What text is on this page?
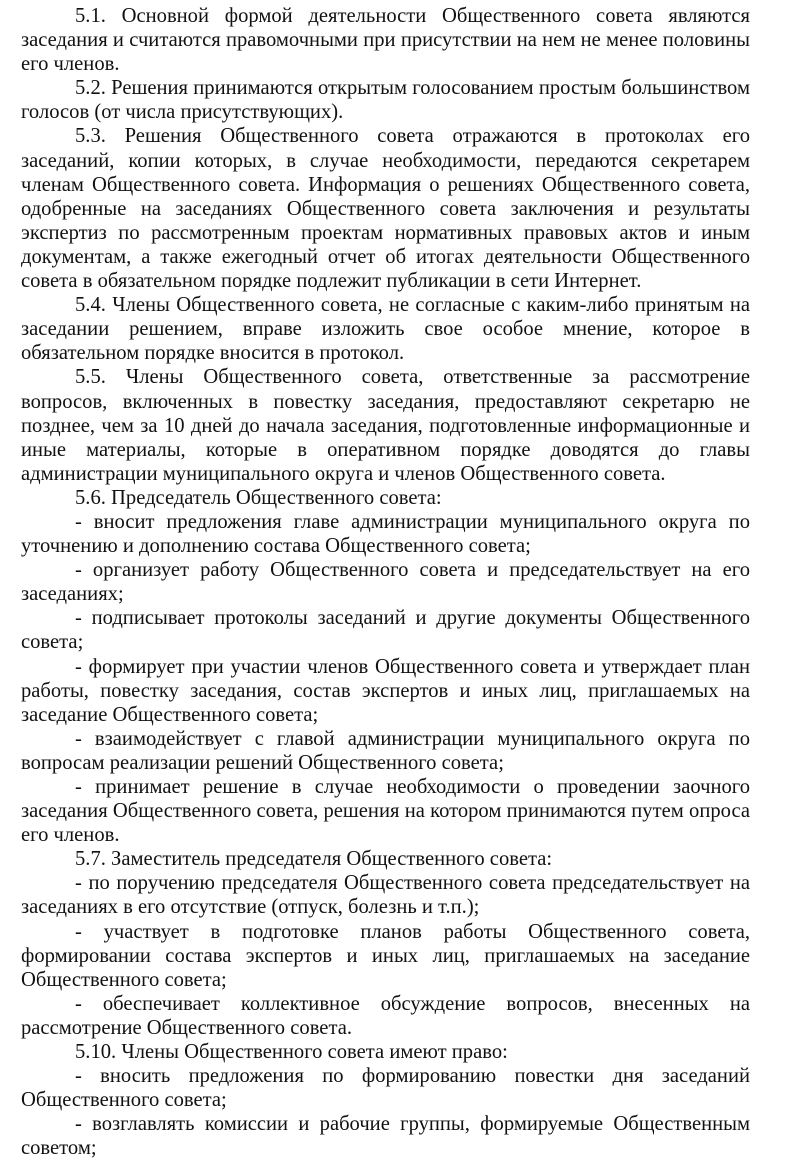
5.1. Основной формой деятельности Общественного совета являются заседания и считаются правомочными при присутствии на нем не менее половины его членов.

5.2. Решения принимаются открытым голосованием простым большинством голосов (от числа присутствующих).

5.3. Решения Общественного совета отражаются в протоколах его заседаний, копии которых, в случае необходимости, передаются секретарем членам Общественного совета. Информация о решениях Общественного совета, одобренные на заседаниях Общественного совета заключения и результаты экспертиз по рассмотренным проектам нормативных правовых актов и иным документам, а также ежегодный отчет об итогах деятельности Общественного совета в обязательном порядке подлежит публикации в сети Интернет.

5.4. Члены Общественного совета, не согласные с каким-либо принятым на заседании решением, вправе изложить свое особое мнение, которое в обязательном порядке вносится в протокол.

5.5. Члены Общественного совета, ответственные за рассмотрение вопросов, включенных в повестку заседания, предоставляют секретарю не позднее, чем за 10 дней до начала заседания, подготовленные информационные и иные материалы, которые в оперативном порядке доводятся до главы администрации муниципального округа и членов Общественного совета.

5.6. Председатель Общественного совета:

- вносит предложения главе администрации муниципального округа по уточнению и дополнению состава Общественного совета;

- организует работу Общественного совета и председательствует на его заседаниях;

- подписывает протоколы заседаний и другие документы Общественного совета;

- формирует при участии членов Общественного совета и утверждает план работы, повестку заседания, состав экспертов и иных лиц, приглашаемых на заседание Общественного совета;

- взаимодействует с главой администрации муниципального округа по вопросам реализации решений Общественного совета;

- принимает решение в случае необходимости о проведении заочного заседания Общественного совета, решения на котором принимаются путем опроса его членов.

5.7. Заместитель председателя Общественного совета:

- по поручению председателя Общественного совета председательствует на заседаниях в его отсутствие (отпуск, болезнь и т.п.);

- участвует в подготовке планов работы Общественного совета, формировании состава экспертов и иных лиц, приглашаемых на заседание Общественного совета;

- обеспечивает коллективное обсуждение вопросов, внесенных на рассмотрение Общественного совета.

5.10. Члены Общественного совета имеют право:

- вносить предложения по формированию повестки дня заседаний Общественного совета;

- возглавлять комиссии и рабочие группы, формируемые Общественным советом;
